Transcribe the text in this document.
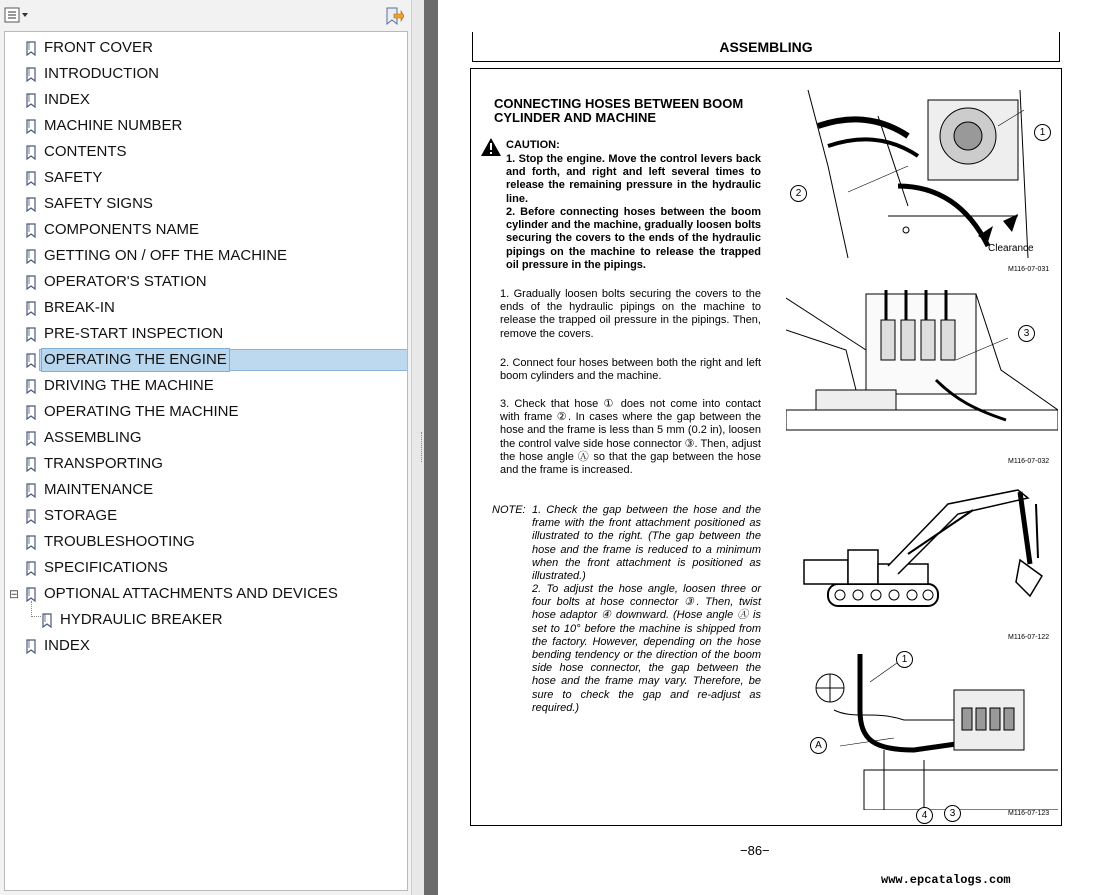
FRONT COVER
INTRODUCTION
INDEX
MACHINE NUMBER
CONTENTS
SAFETY
SAFETY SIGNS
COMPONENTS NAME
GETTING ON / OFF THE MACHINE
OPERATOR'S STATION
BREAK-IN
PRE-START INSPECTION
OPERATING THE ENGINE
DRIVING THE MACHINE
OPERATING THE MACHINE
ASSEMBLING
TRANSPORTING
MAINTENANCE
STORAGE
TROUBLESHOOTING
SPECIFICATIONS
OPTIONAL ATTACHMENTS AND DEVICES
⊟
HYDRAULIC BREAKER
INDEX
ASSEMBLING
CONNECTING HOSES BETWEEN BOOM
CYLINDER AND MACHINE
CAUTION:
1. Stop the engine. Move the control levers back and forth, and right and left several times to release the remaining pressure in the hydraulic line.
2. Before connecting hoses between the boom cylinder and the machine, gradually loosen bolts securing the covers to the ends of the hydraulic pipings on the machine to release the trapped oil pressure in the pipings.
1. Gradually loosen bolts securing the covers to the ends of the hydraulic pipings on the machine to release the trapped oil pressure in the pipings. Then, remove the covers.
2. Connect four hoses between both the right and left boom cylinders and the machine.
3. Check that hose ① does not come into contact with frame ②. In cases where the gap between the hose and the frame is less than 5 mm (0.2 in), loosen the control valve side hose connector ③. Then, adjust the hose angle Ⓐ so that the gap between the hose and the frame is increased.
NOTE: 1. Check the gap between the hose and the frame with the front attachment positioned as illustrated to the right. (The gap between the hose and the frame is reduced to a minimum when the front attachment is positioned as illustrated.)
2. To adjust the hose angle, loosen three or four bolts at hose connector ③. Then, twist hose adaptor ④ downward. (Hose angle Ⓐ is set to 10° before the machine is shipped from the factory. However, depending on the hose bending tendency or the direction of the boom side hose connector, the gap between the hose and the frame may vary. Therefore, be sure to check the gap and re-adjust as required.)
1
2
Clearance
M116-07-031
3
M116-07-032
M116-07-122
1
A
4	3	M116-07-123
−86−
www.epcatalogs.com
